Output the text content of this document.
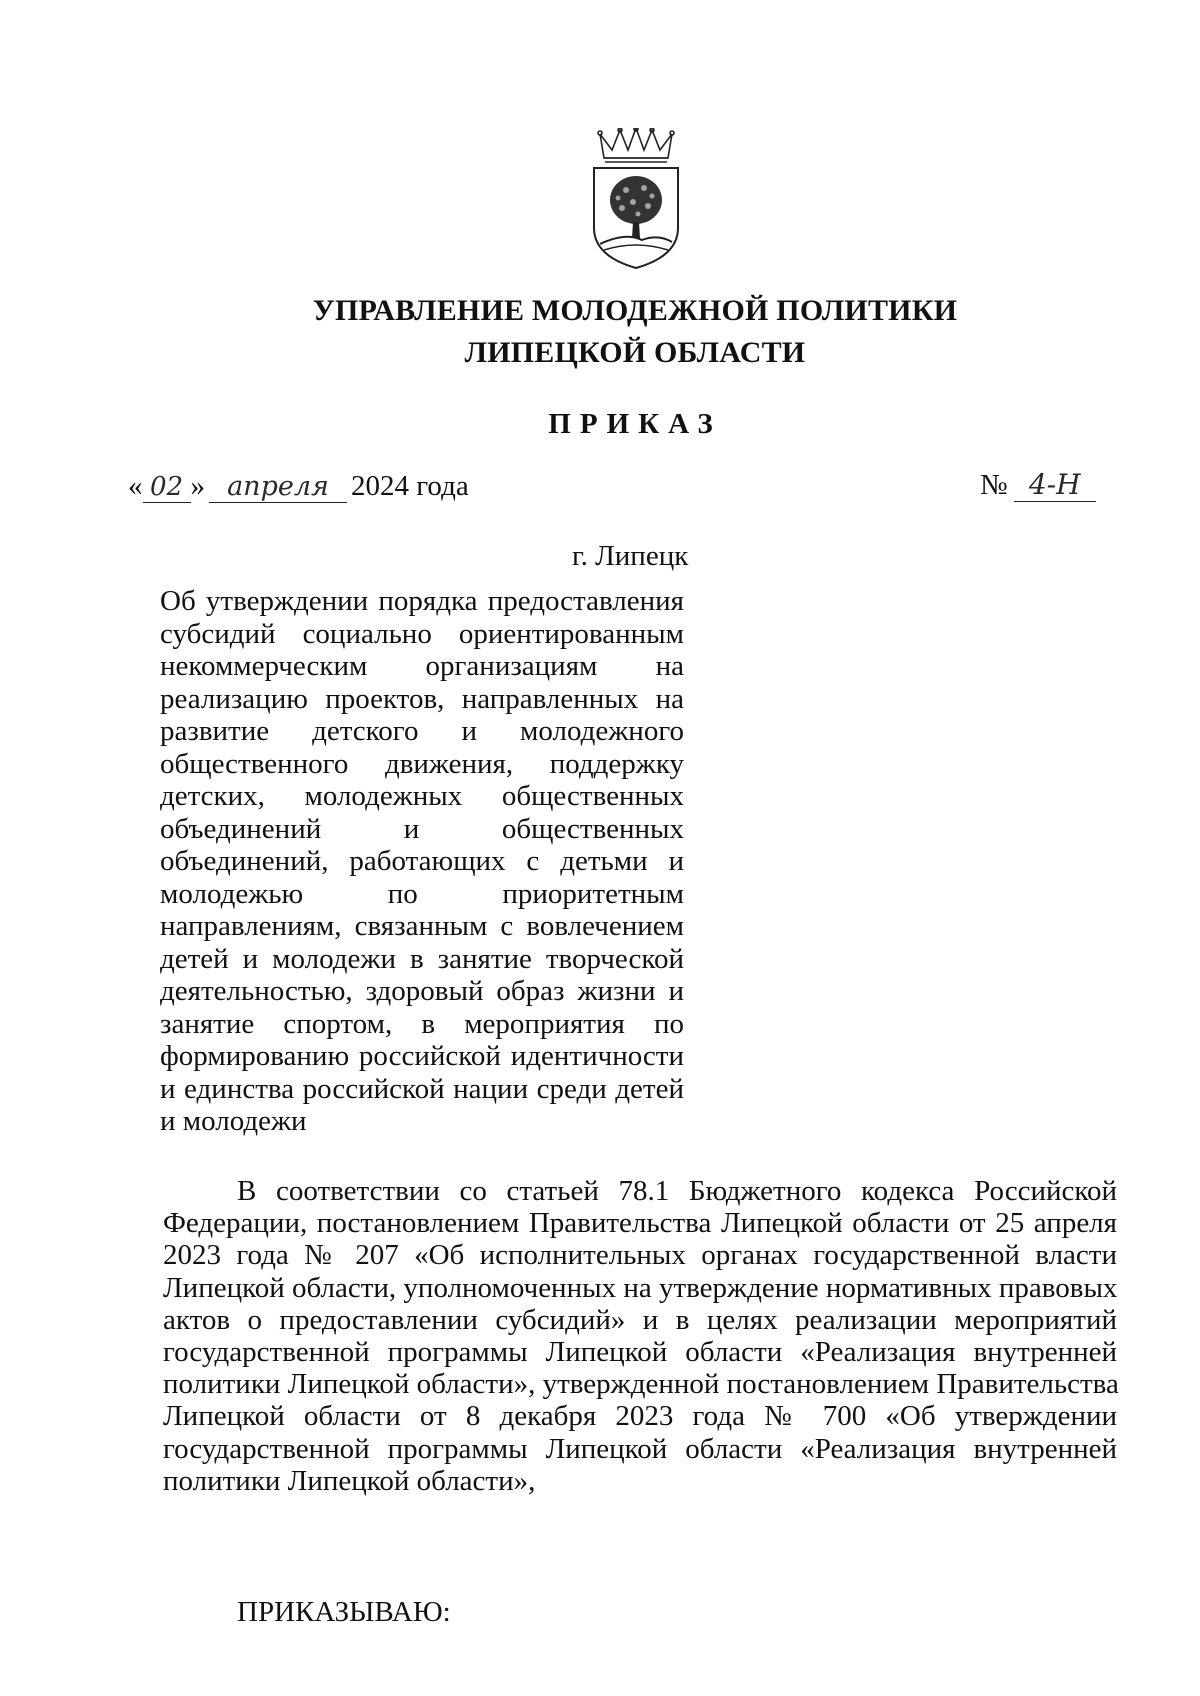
УПРАВЛЕНИЕ МОЛОДЕЖНОЙ ПОЛИТИКИ
ЛИПЕЦКОЙ ОБЛАСТИ
ПРИКАЗ
« 02 » апреля 2024 года	№ 4-Н
г. Липецк
Об утверждении порядка предоставления
субсидий социально ориентированным
некоммерческим организациям на
реализацию проектов, направленных на
развитие детского и молодежного
общественного движения, поддержку
детских, молодежных общественных
объединений и общественных
объединений, работающих с детьми и
молодежью по приоритетным
направлениям, связанным с вовлечением
детей и молодежи в занятие творческой
деятельностью, здоровый образ жизни и
занятие спортом, в мероприятия по
формированию российской идентичности
и единства российской нации среди детей
и молодежи
В соответствии со статьей 78.1 Бюджетного кодекса Российской
Федерации, постановлением Правительства Липецкой области от 25 апреля
2023 года № 207 «Об исполнительных органах государственной власти
Липецкой области, уполномоченных на утверждение нормативных правовых
актов о предоставлении субсидий» и в целях реализации мероприятий
государственной программы Липецкой области «Реализация внутренней
политики Липецкой области», утвержденной постановлением Правительства
Липецкой области от 8 декабря 2023 года № 700 «Об утверждении
государственной программы Липецкой области «Реализация внутренней
политики Липецкой области»,
ПРИКАЗЫВАЮ:
